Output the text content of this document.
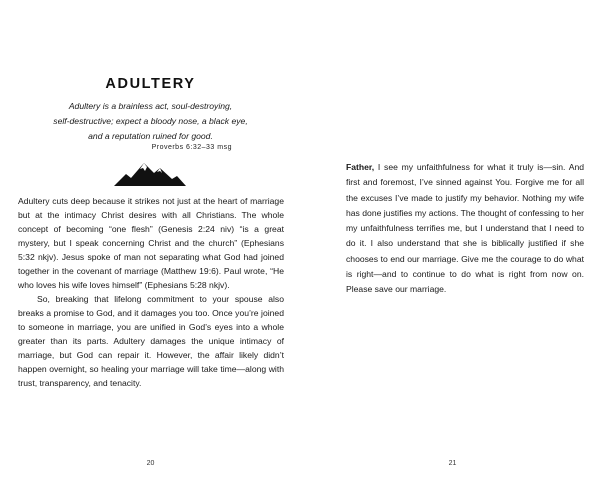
ADULTERY
Adultery is a brainless act, soul-destroying,
self-destructive; expect a bloody nose, a black eye,
and a reputation ruined for good.
Proverbs 6:32–33 msg

Adultery cuts deep because it strikes not just at the heart of marriage but at the intimacy Christ desires with all Christians. The whole concept of becoming “one flesh” (Genesis 2:24 niv) “is a great mystery, but I speak concerning Christ and the church” (Ephesians 5:32 nkjv). Jesus spoke of man not separating what God had joined together in the covenant of marriage (Matthew 19:6). Paul wrote, “He who loves his wife loves himself” (Ephesians 5:28 nkjv).

So, breaking that lifelong commitment to your spouse also breaks a promise to God, and it damages you too. Once you’re joined to someone in marriage, you are unified in God’s eyes into a whole greater than its parts. Adultery damages the unique intimacy of marriage, but God can repair it. However, the affair likely didn’t happen overnight, so healing your marriage will take time—along with trust, transparency, and tenacity.

20
Father, I see my unfaithfulness for what it truly is—sin. And first and foremost, I’ve sinned against You. Forgive me for all the excuses I’ve made to justify my behavior. Nothing my wife has done justifies my actions. The thought of confessing to her my unfaithfulness terrifies me, but I understand that I need to do it. I also understand that she is biblically justified if she chooses to end our marriage. Give me the courage to do what is right—and to continue to do what is right from now on. Please save our marriage.
21
